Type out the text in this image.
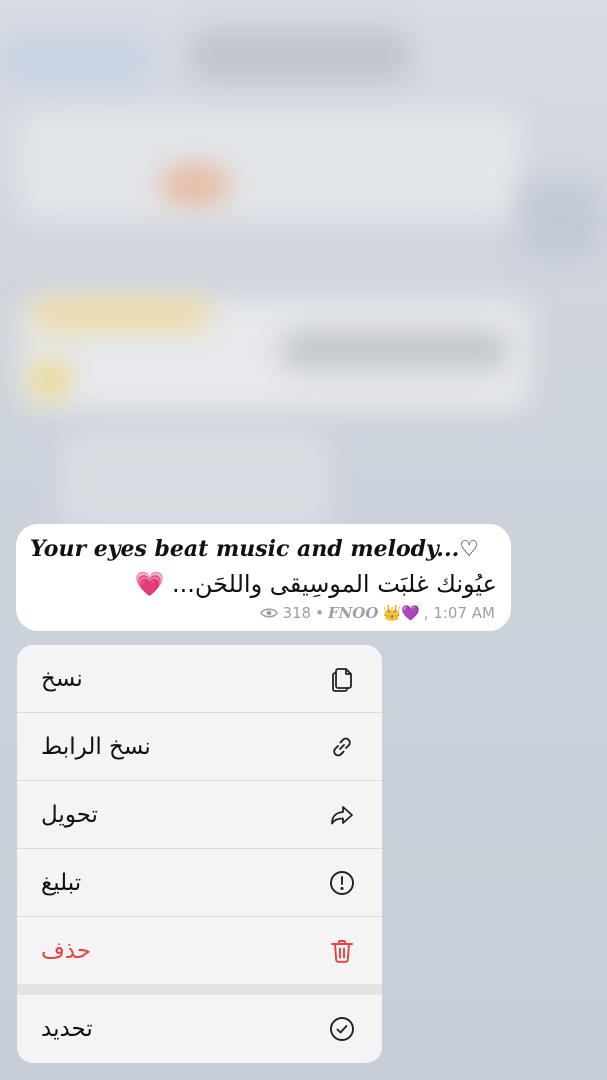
Your eyes beat music and melody...♡
عيُونك غلبَت الموسِيقى واللحَن... 💗
318 • FNOO 👑💜 , 1:07 AM
نسخ
نسخ الرابط
تحويل
تبليغ
حذف
تحديد
